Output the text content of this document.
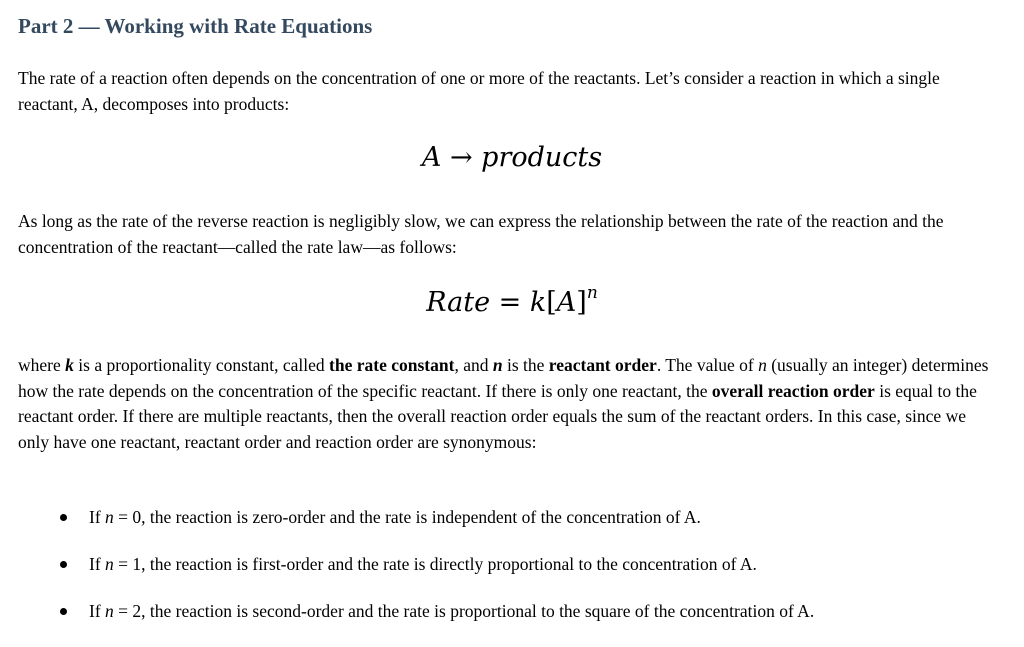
Part 2 — Working with Rate Equations
The rate of a reaction often depends on the concentration of one or more of the reactants. Let’s consider a reaction in which a single reactant, A, decomposes into products:
A → products
As long as the rate of the reverse reaction is negligibly slow, we can express the relationship between the rate of the reaction and the concentration of the reactant—called the rate law—as follows:
Rate = $k[A]^n$
where k is a proportionality constant, called the rate constant, and n is the reactant order. The value of n (usually an integer) determines how the rate depends on the concentration of the specific reactant. If there is only one reactant, the overall reaction order is equal to the reactant order. If there are multiple reactants, then the overall reaction order equals the sum of the reactant orders. In this case, since we only have one reactant, reactant order and reaction order are synonymous:
If n = 0, the reaction is zero-order and the rate is independent of the concentration of A.
If n = 1, the reaction is first-order and the rate is directly proportional to the concentration of A.
If n = 2, the reaction is second-order and the rate is proportional to the square of the concentration of A.
